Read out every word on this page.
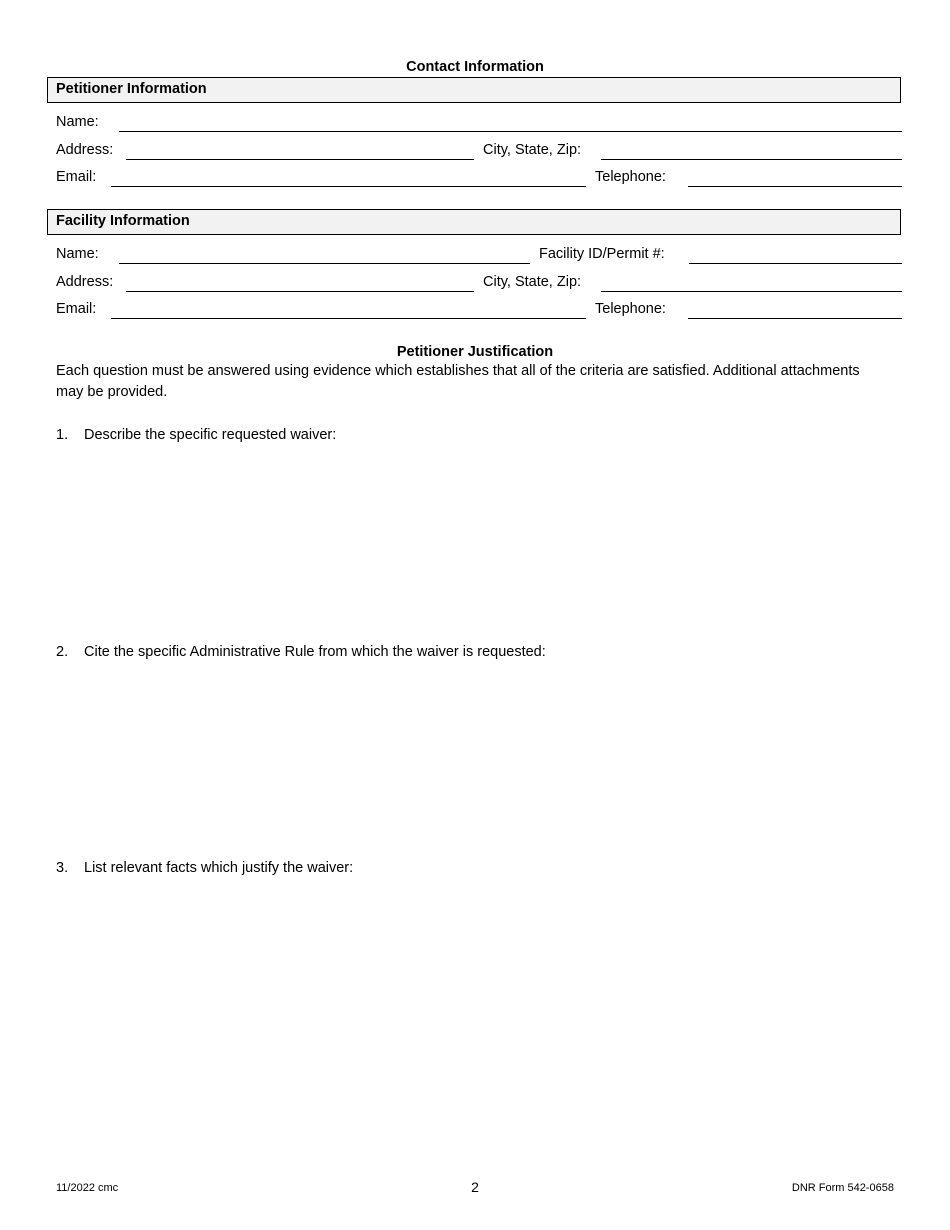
Contact Information
Petitioner Information
Name:
Address:	City, State, Zip:
Email:	Telephone:
Facility Information
Name:	Facility ID/Permit #:
Address:	City, State, Zip:
Email:	Telephone:
Petitioner Justification
Each question must be answered using evidence which establishes that all of the criteria are satisfied. Additional attachments may be provided.
1.	Describe the specific requested waiver:
2.	Cite the specific Administrative Rule from which the waiver is requested:
3.	List relevant facts which justify the waiver:
11/2022 cmc	2	DNR Form 542-0658
